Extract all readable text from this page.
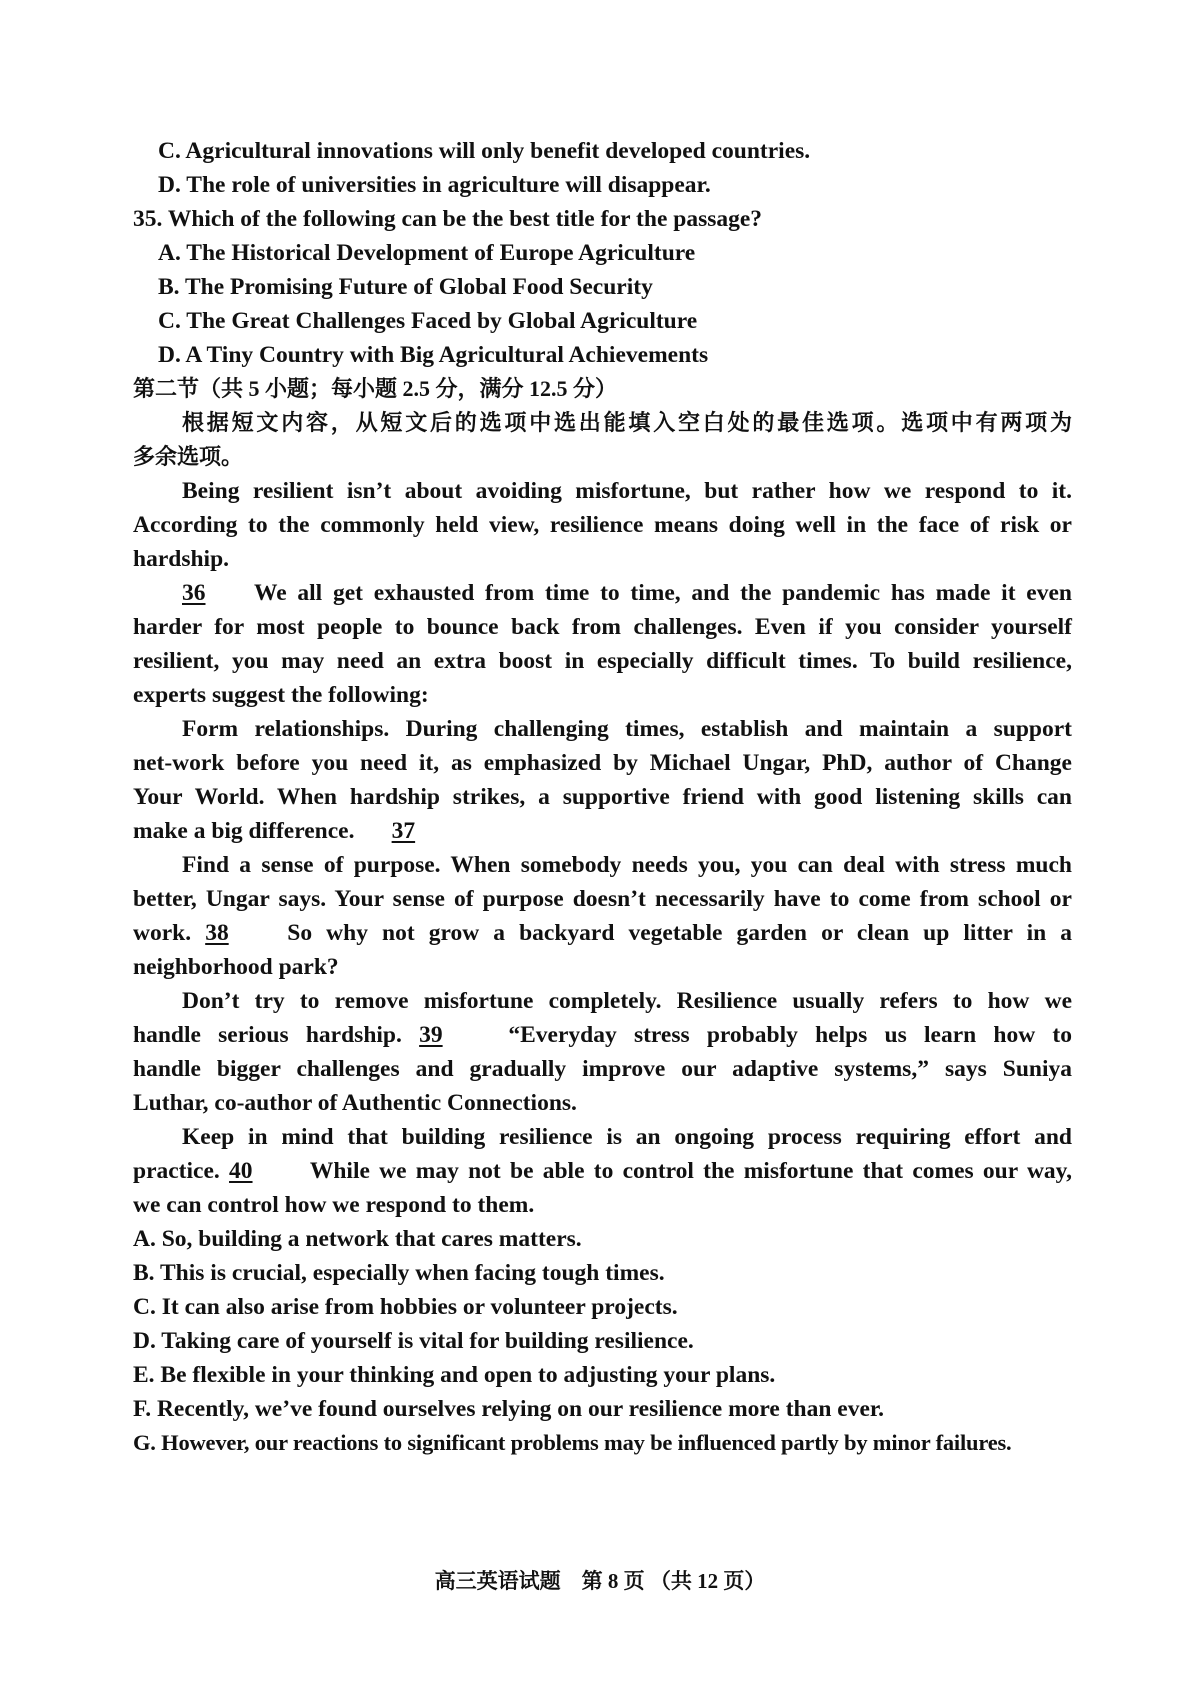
C. Agricultural innovations will only benefit developed countries.
D. The role of universities in agriculture will disappear.
35. Which of the following can be the best title for the passage?
A. The Historical Development of Europe Agriculture
B. The Promising Future of Global Food Security
C. The Great Challenges Faced by Global Agriculture
D. A Tiny Country with Big Agricultural Achievements
第二节（共 5 小题；每小题 2.5 分，满分 12.5 分）
根据短文内容，从短文后的选项中选出能填入空白处的最佳选项。选项中有两项为
多余选项。
Being resilient isn’t about avoiding misfortune, but rather how we respond to it.
According to the commonly held view, resilience means doing well in the face of risk or
hardship.
36 We all get exhausted from time to time, and the pandemic has made it even
harder for most people to bounce back from challenges. Even if you consider yourself
resilient, you may need an extra boost in especially difficult times. To build resilience,
experts suggest the following:
Form relationships. During challenging times, establish and maintain a support
net-work before you need it, as emphasized by Michael Ungar, PhD, author of Change
Your World. When hardship strikes, a supportive friend with good listening skills can
make a big difference. 37
Find a sense of purpose. When somebody needs you, you can deal with stress much
better, Ungar says. Your sense of purpose doesn’t necessarily have to come from school or
work. 38 So why not grow a backyard vegetable garden or clean up litter in a
neighborhood park?
Don’t try to remove misfortune completely. Resilience usually refers to how we
handle serious hardship. 39	“Everyday stress probably helps us learn how to
handle bigger challenges and gradually improve our adaptive systems,” says Suniya
Luthar, co-author of Authentic Connections.
Keep in mind that building resilience is an ongoing process requiring effort and
practice. 40 While we may not be able to control the misfortune that comes our way,
we can control how we respond to them.
A. So, building a network that cares matters.
B. This is crucial, especially when facing tough times.
C. It can also arise from hobbies or volunteer projects.
D. Taking care of yourself is vital for building resilience.
E. Be flexible in your thinking and open to adjusting your plans.
F. Recently, we’ve found ourselves relying on our resilience more than ever.
G. However, our reactions to significant problems may be influenced partly by minor failures.
高三英语试题　第 8 页 （共 12 页）
